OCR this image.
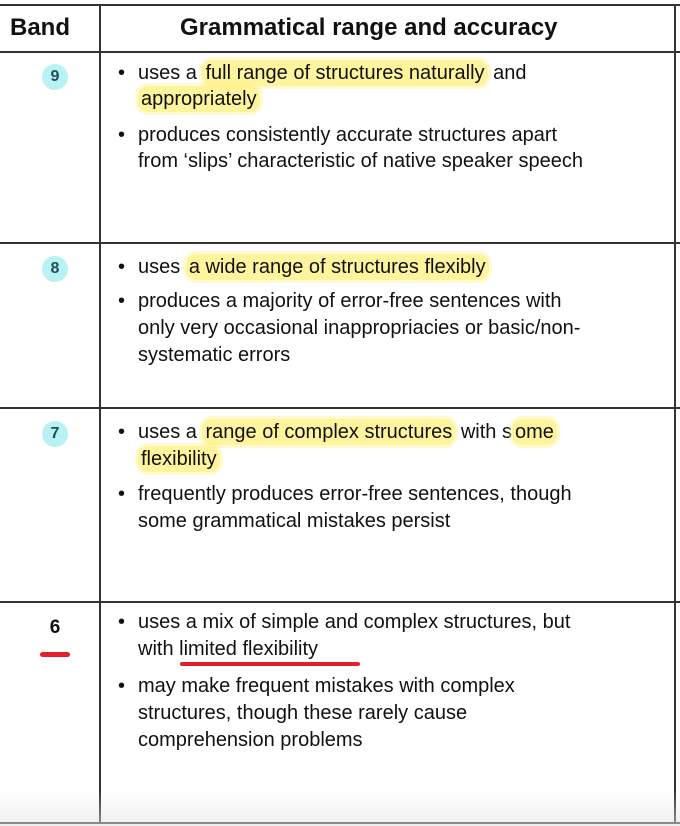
Band	Grammatical range and accuracy
9	• uses a full range of structures naturally and
appropriately
• produces consistently accurate structures apart
from ‘slips’ characteristic of native speaker speech
8	• uses a wide range of structures flexibly
• produces a majority of error-free sentences with
only very occasional inappropriacies or basic/non-
systematic errors
7	• uses a range of complex structures with s ome
flexibility
• frequently produces error-free sentences, though
some grammatical mistakes persist
6	• uses a mix of simple and complex structures, but
with limited flexibility
• may make frequent mistakes with complex
structures, though these rarely cause
comprehension problems
